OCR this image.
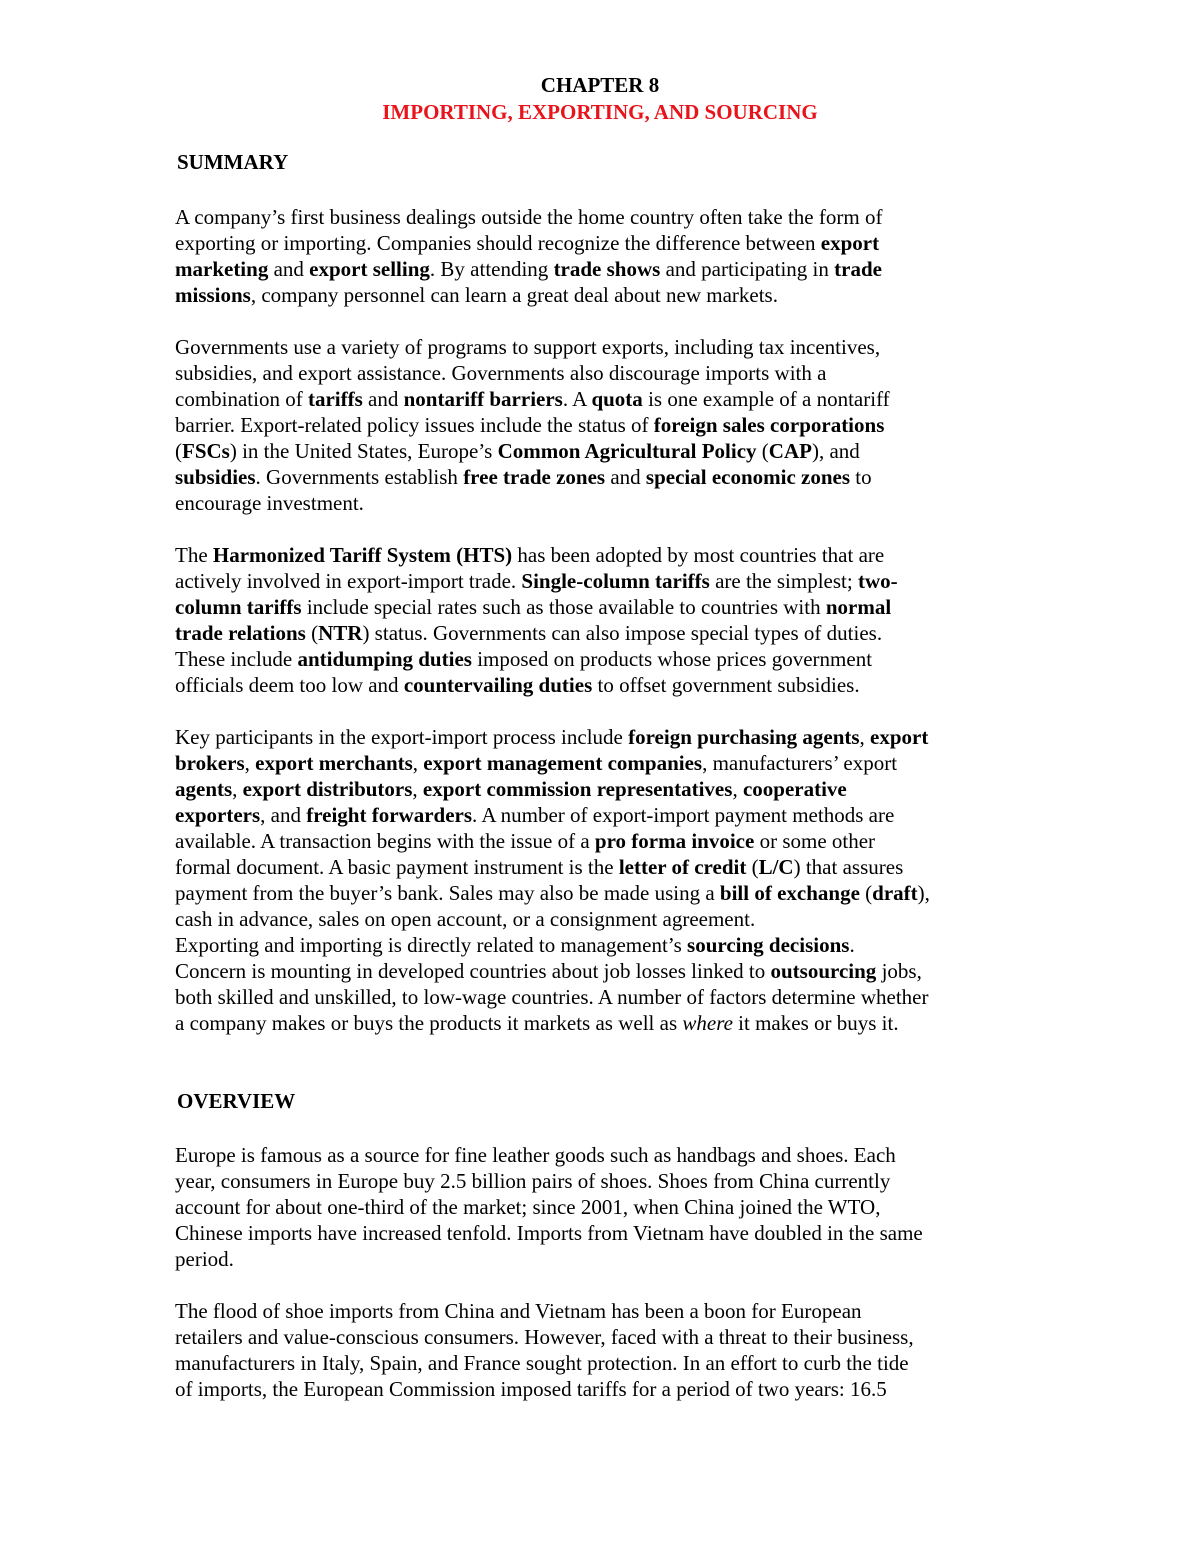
CHAPTER 8
IMPORTING, EXPORTING, AND SOURCING
SUMMARY
A company’s first business dealings outside the home country often take the form of
exporting or importing. Companies should recognize the difference between export
marketing and export selling. By attending trade shows and participating in trade
missions, company personnel can learn a great deal about new markets.
Governments use a variety of programs to support exports, including tax incentives,
subsidies, and export assistance. Governments also discourage imports with a
combination of tariffs and nontariff barriers. A quota is one example of a nontariff
barrier. Export-related policy issues include the status of foreign sales corporations
(FSCs) in the United States, Europe’s Common Agricultural Policy (CAP), and
subsidies. Governments establish free trade zones and special economic zones to
encourage investment.
The Harmonized Tariff System (HTS) has been adopted by most countries that are
actively involved in export-import trade. Single-column tariffs are the simplest; two-
column tariffs include special rates such as those available to countries with normal
trade relations (NTR) status. Governments can also impose special types of duties.
These include antidumping duties imposed on products whose prices government
officials deem too low and countervailing duties to offset government subsidies.
Key participants in the export-import process include foreign purchasing agents, export
brokers, export merchants, export management companies, manufacturers’ export
agents, export distributors, export commission representatives, cooperative
exporters, and freight forwarders. A number of export-import payment methods are
available. A transaction begins with the issue of a pro forma invoice or some other
formal document. A basic payment instrument is the letter of credit (L/C) that assures
payment from the buyer’s bank. Sales may also be made using a bill of exchange (draft),
cash in advance, sales on open account, or a consignment agreement.
Exporting and importing is directly related to management’s sourcing decisions.
Concern is mounting in developed countries about job losses linked to outsourcing jobs,
both skilled and unskilled, to low-wage countries. A number of factors determine whether
a company makes or buys the products it markets as well as where it makes or buys it.
OVERVIEW
Europe is famous as a source for fine leather goods such as handbags and shoes. Each
year, consumers in Europe buy 2.5 billion pairs of shoes. Shoes from China currently
account for about one-third of the market; since 2001, when China joined the WTO,
Chinese imports have increased tenfold. Imports from Vietnam have doubled in the same
period.
The flood of shoe imports from China and Vietnam has been a boon for European
retailers and value-conscious consumers. However, faced with a threat to their business,
manufacturers in Italy, Spain, and France sought protection. In an effort to curb the tide
of imports, the European Commission imposed tariffs for a period of two years: 16.5
